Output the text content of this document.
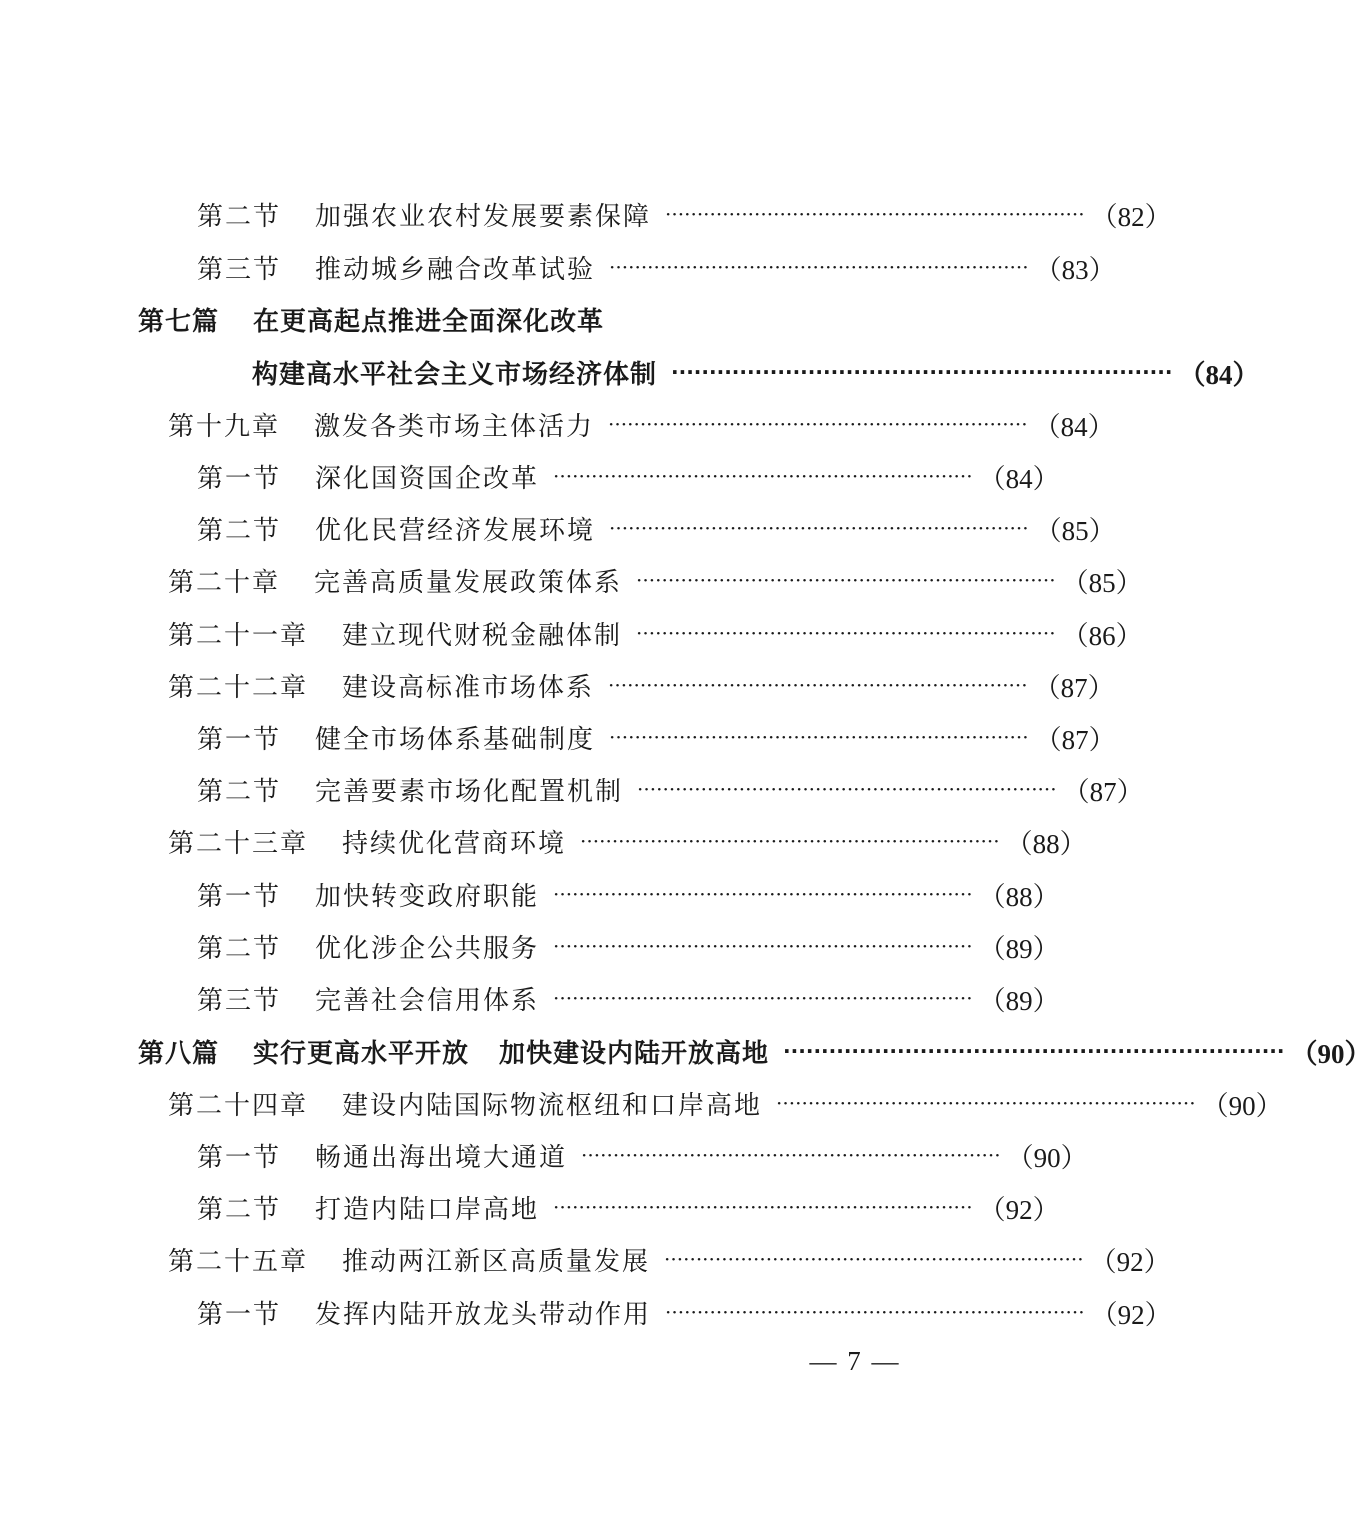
第二节 加强农业农村发展要素保障 ·································································· （82）
第三节 推动城乡融合改革试验 ·································································· （83）
第七篇 在更高起点推进全面深化改革
构建高水平社会主义市场经济体制 ·································································· （84）
第十九章 激发各类市场主体活力 ·································································· （84）
第一节 深化国资国企改革 ·································································· （84）
第二节 优化民营经济发展环境 ·································································· （85）
第二十章 完善高质量发展政策体系 ·································································· （85）
第二十一章 建立现代财税金融体制 ·································································· （86）
第二十二章 建设高标准市场体系 ·································································· （87）
第一节 健全市场体系基础制度 ·································································· （87）
第二节 完善要素市场化配置机制 ·································································· （87）
第二十三章 持续优化营商环境 ·································································· （88）
第一节 加快转变政府职能 ·································································· （88）
第二节 优化涉企公共服务 ·································································· （89）
第三节 完善社会信用体系 ·································································· （89）
第八篇 实行更高水平开放 加快建设内陆开放高地 ·································································· （90）
第二十四章 建设内陆国际物流枢纽和口岸高地 ·································································· （90）
第一节 畅通出海出境大通道 ·································································· （90）
第二节 打造内陆口岸高地 ·································································· （92）
第二十五章 推动两江新区高质量发展 ·································································· （92）
第一节 发挥内陆开放龙头带动作用 ·································································· （92）
— 7 —
